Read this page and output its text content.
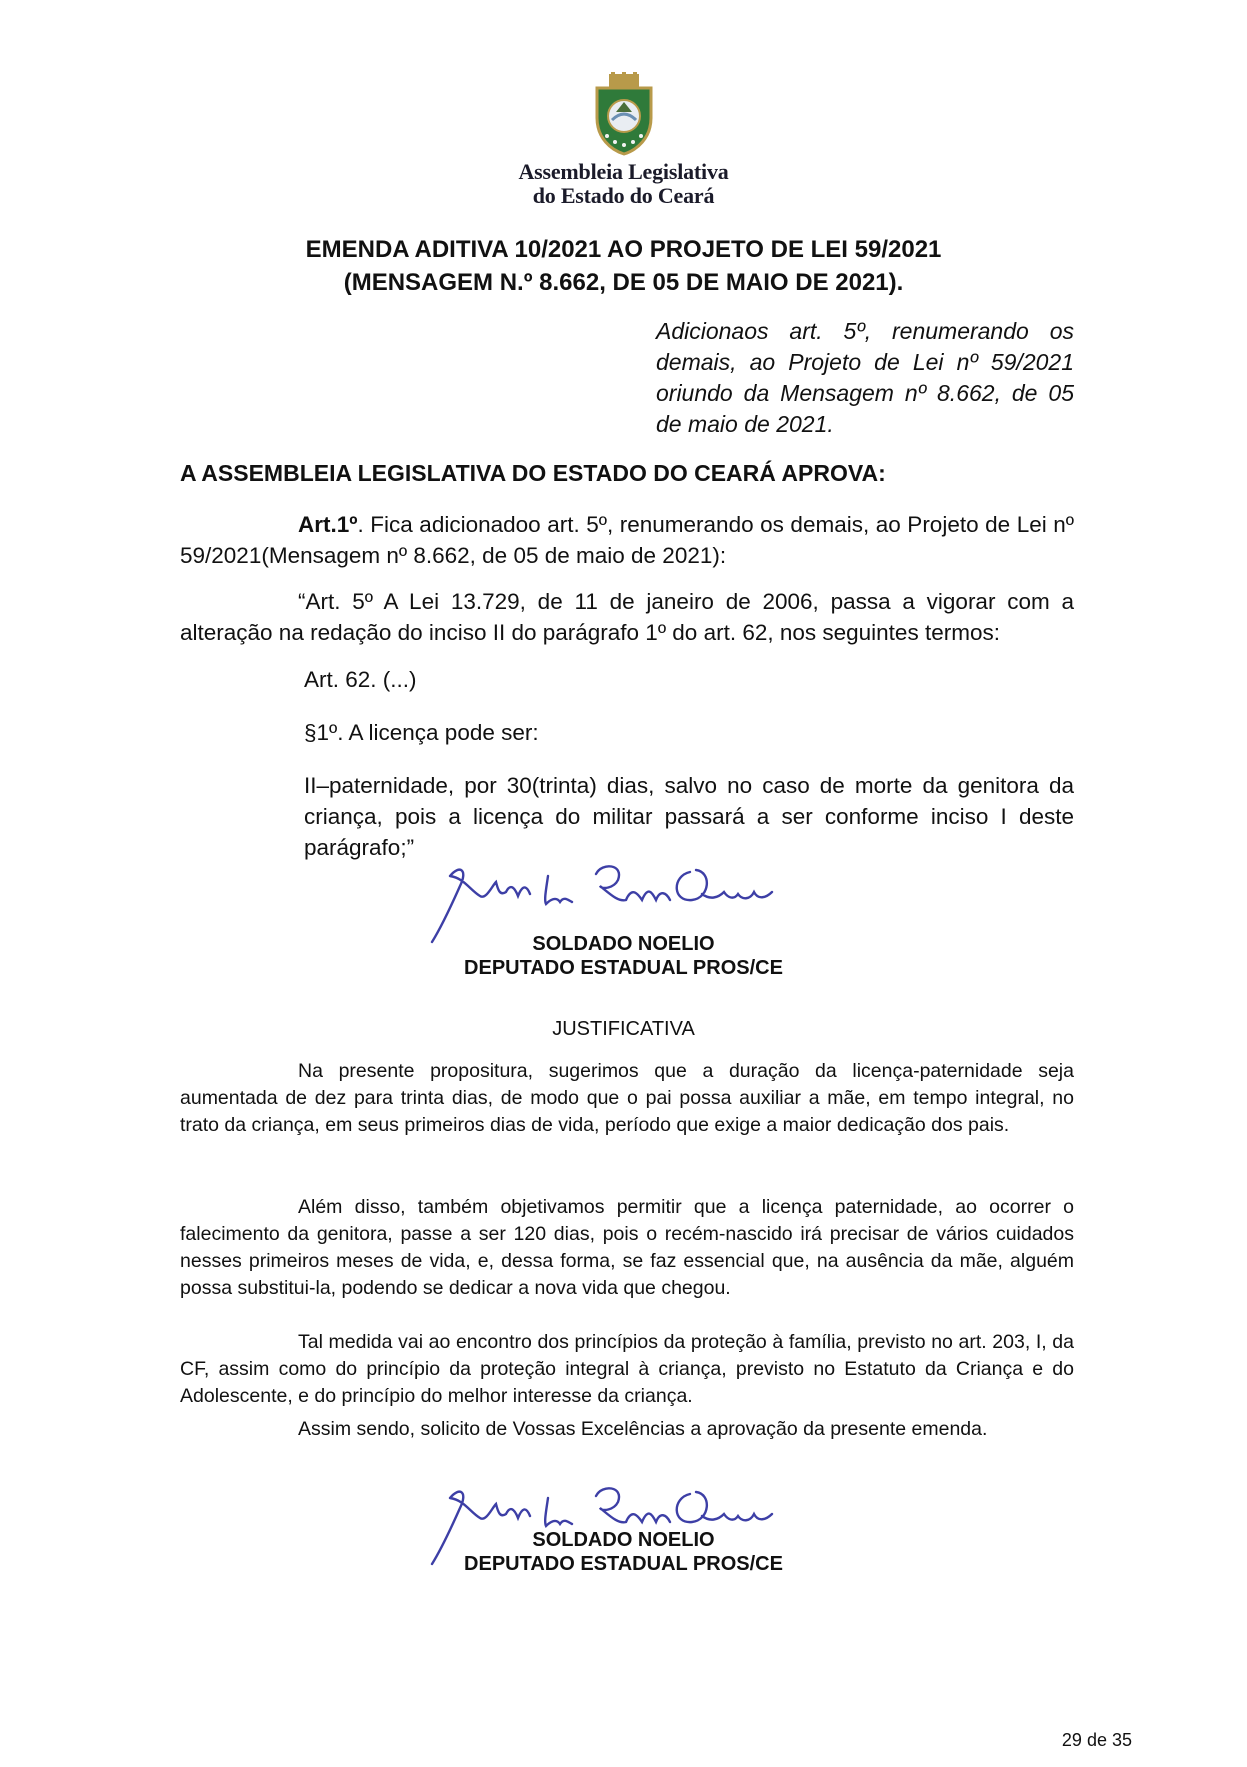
Assembleia Legislativa
do Estado do Ceará
EMENDA ADITIVA 10/2021 AO PROJETO DE LEI 59/2021
(MENSAGEM N.º 8.662, DE 05 DE MAIO DE 2021).
Adicionaos art. 5º, renumerando os demais, ao Projeto de Lei nº 59/2021 oriundo da Mensagem nº 8.662, de 05 de maio de 2021.
A ASSEMBLEIA LEGISLATIVA DO ESTADO DO CEARÁ APROVA:
Art.1º. Fica adicionadoo art. 5º, renumerando os demais, ao Projeto de Lei nº 59/2021(Mensagem nº 8.662, de 05 de maio de 2021):
“Art. 5º A Lei 13.729, de 11 de janeiro de 2006, passa a vigorar com a alteração na redação do inciso II do parágrafo 1º do art. 62, nos seguintes termos:
Art. 62. (...)
§1º. A licença pode ser:
II–paternidade, por 30(trinta) dias, salvo no caso de morte da genitora da criança, pois a licença do militar passará a ser conforme inciso I deste parágrafo;”
SOLDADO NOELIO
DEPUTADO ESTADUAL PROS/CE
JUSTIFICATIVA
Na presente propositura, sugerimos que a duração da licença-paternidade seja aumentada de dez para trinta dias, de modo que o pai possa auxiliar a mãe, em tempo integral, no trato da criança, em seus primeiros dias de vida, período que exige a maior dedicação dos pais.
Além disso, também objetivamos permitir que a licença paternidade, ao ocorrer o falecimento da genitora, passe a ser 120 dias, pois o recém-nascido irá precisar de vários cuidados nesses primeiros meses de vida, e, dessa forma, se faz essencial que, na ausência da mãe, alguém possa substitui-la, podendo se dedicar a nova vida que chegou.
Tal medida vai ao encontro dos princípios da proteção à família, previsto no art. 203, I, da CF, assim como do princípio da proteção integral à criança, previsto no Estatuto da Criança e do Adolescente, e do princípio do melhor interesse da criança.
Assim sendo, solicito de Vossas Excelências a aprovação da presente emenda.
SOLDADO NOELIO
DEPUTADO ESTADUAL PROS/CE
29 de 35
